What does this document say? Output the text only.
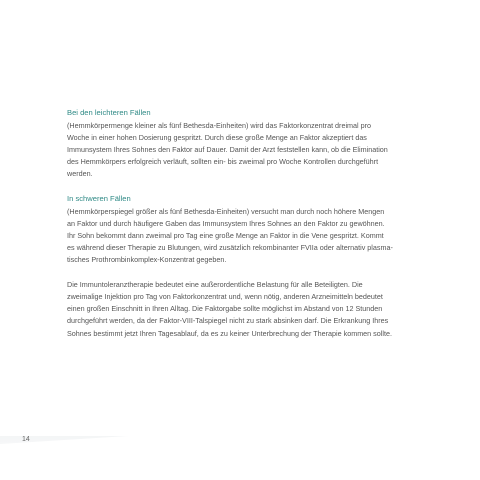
Bei den leichteren Fällen

(Hemmkörpermenge kleiner als fünf Bethesda-Einheiten) wird das Faktorkonzentrat dreimal pro
Woche in einer hohen Dosierung gespritzt. Durch diese große Menge an Faktor akzeptiert das
Immunsystem Ihres Sohnes den Faktor auf Dauer. Damit der Arzt feststellen kann, ob die Elimination
des Hemmkörpers erfolgreich verläuft, sollten ein- bis zweimal pro Woche Kontrollen durchgeführt
werden.

In schweren Fällen

(Hemmkörperspiegel größer als fünf Bethesda-Einheiten) versucht man durch noch höhere Mengen
an Faktor und durch häufigere Gaben das Immunsystem Ihres Sohnes an den Faktor zu gewöhnen.
Ihr Sohn bekommt dann zweimal pro Tag eine große Menge an Faktor in die Vene gespritzt. Kommt
es während dieser Therapie zu Blutungen, wird zusätzlich rekombinanter FVIIa oder alternativ plasma-
tisches Prothrombinkomplex-Konzentrat gegeben.

Die Immuntoleranztherapie bedeutet eine außerordentliche Belastung für alle Beteiligten. Die
zweimalige Injektion pro Tag von Faktorkonzentrat und, wenn nötig, anderen Arzneimitteln bedeutet
einen großen Einschnitt in Ihren Alltag. Die Faktorgabe sollte möglichst im Abstand von 12 Stunden
durchgeführt werden, da der Faktor-VIII-Talspiegel nicht zu stark absinken darf. Die Erkrankung Ihres
Sohnes bestimmt jetzt Ihren Tagesablauf, da es zu keiner Unterbrechung der Therapie kommen sollte.

14
